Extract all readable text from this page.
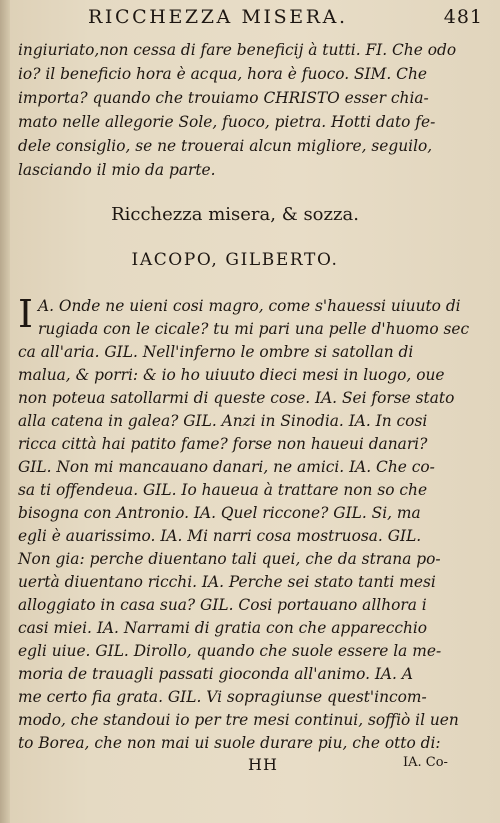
RICCHEZZA MISERA.	481
ingiuriato,non cessa di fare beneficij à tutti. FI. Che odo
io? il beneficio hora è acqua, hora è fuoco. SIM. Che
importa? quando che trouiamo CHRISTO esser chia-
mato nelle allegorie Sole, fuoco, pietra. Hotti dato fe-
dele consiglio, se ne trouerai alcun migliore, seguilo,
lasciando il mio da parte.
Ricchezza misera, & sozza.
IACOPO, GILBERTO.
I A. Onde ne uieni cosi magro, come s'hauessi uiuuto di
rugiada con le cicale? tu mi pari una pelle d'huomo sec
ca all'aria. GIL. Nell'inferno le ombre si satollan di
malua, & porri: & io ho uiuuto dieci mesi in luogo, oue
non poteua satollarmi di queste cose. IA. Sei forse stato
alla catena in galea? GIL. Anzi in Sinodia. IA. In cosi
ricca città hai patito fame? forse non haueui danari?
GIL. Non mi mancauano danari, ne amici. IA. Che co-
sa ti offendeua. GIL. Io haueua à trattare non so che
bisogna con Antronio. IA. Quel riccone? GIL. Si, ma
egli è auarissimo. IA. Mi narri cosa mostruosa. GIL.
Non gia: perche diuentano tali quei, che da strana po-
uertà diuentano ricchi. IA. Perche sei stato tanti mesi
alloggiato in casa sua? GIL. Cosi portauano allhora i
casi miei. IA. Narrami di gratia con che apparecchio
egli uiue. GIL. Dirollo, quando che suole essere la me-
moria de trauagli passati gioconda all'animo. IA. A
me certo fia grata. GIL. Vi sopragiunse quest'incom-
modo, che standoui io per tre mesi continui, soffiò il uen
to Borea, che non mai ui suole durare piu, che otto di:
HH	IA. Co-
